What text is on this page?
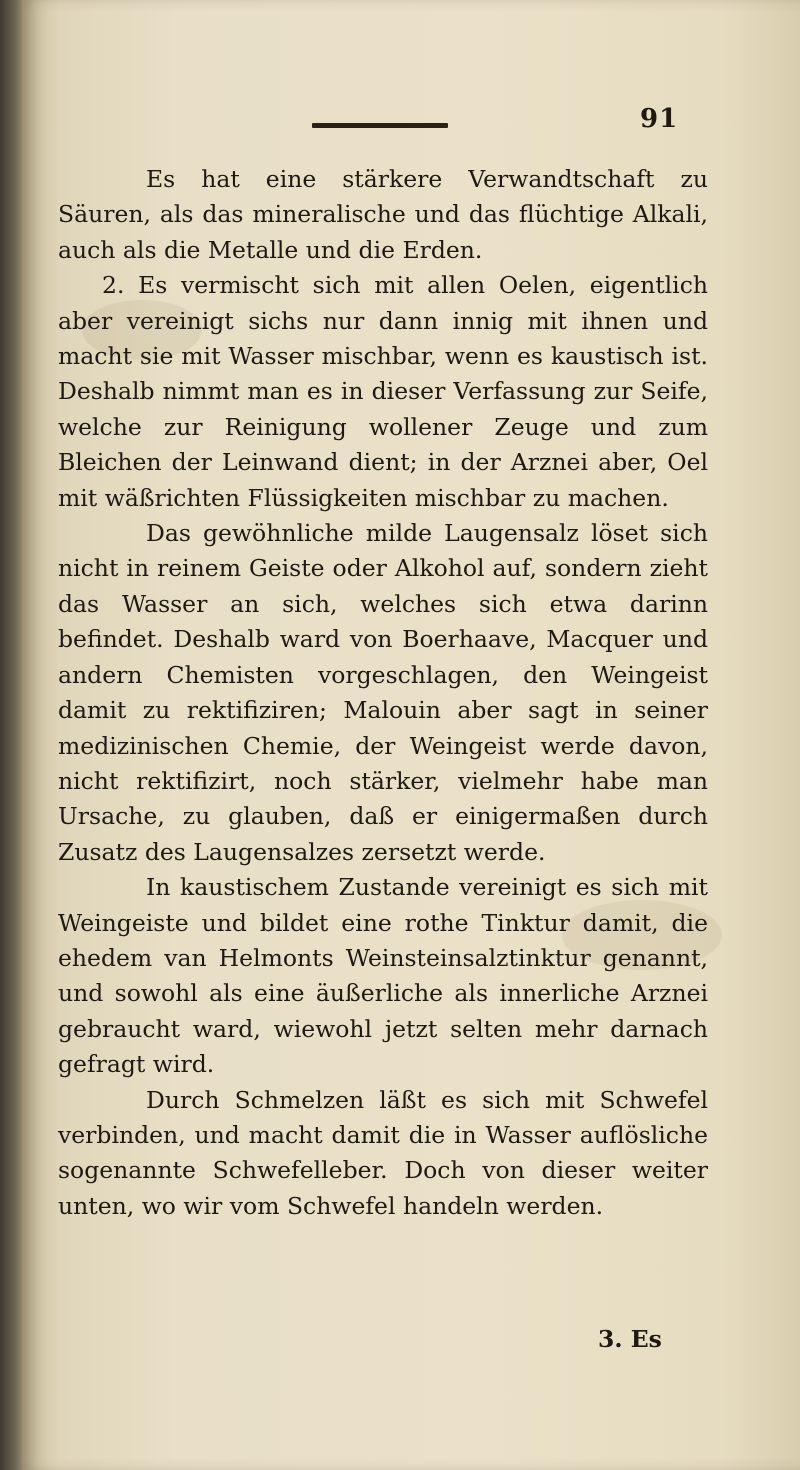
91

Es hat eine stärkere Verwandtschaft zu Säuren, als das mineralische und das flüchtige Alkali, auch als die Metalle und die Erden.

2. Es vermischt sich mit allen Oelen, eigentlich aber vereinigt sichs nur dann innig mit ihnen und macht sie mit Wasser mischbar, wenn es kaustisch ist. Deshalb nimmt man es in dieser Verfassung zur Seife, welche zur Reinigung wollener Zeuge und zum Bleichen der Leinwand dient; in der Arznei aber, Oel mit wäßrichten Flüssigkeiten mischbar zu machen.

Das gewöhnliche milde Laugensalz löset sich nicht in reinem Geiste oder Alkohol auf, sondern zieht das Wasser an sich, welches sich etwa darinn befindet. Deshalb ward von Boerhaave, Macquer und andern Chemisten vorgeschlagen, den Weingeist damit zu rektifiziren; Malouin aber sagt in seiner medizinischen Chemie, der Weingeist werde davon, nicht rektifizirt, noch stärker, vielmehr habe man Ursache, zu glauben, daß er einigermaßen durch Zusatz des Laugensalzes zersetzt werde.

In kaustischem Zustande vereinigt es sich mit Weingeiste und bildet eine rothe Tinktur damit, die ehedem van Helmonts Weinsteinsalztinktur genannt, und sowohl als eine äußerliche als innerliche Arznei gebraucht ward, wiewohl jetzt selten mehr darnach gefragt wird.

Durch Schmelzen läßt es sich mit Schwefel verbinden, und macht damit die in Wasser auflösliche sogenannte Schwefelleber. Doch von dieser weiter unten, wo wir vom Schwefel handeln werden.

3. Es
